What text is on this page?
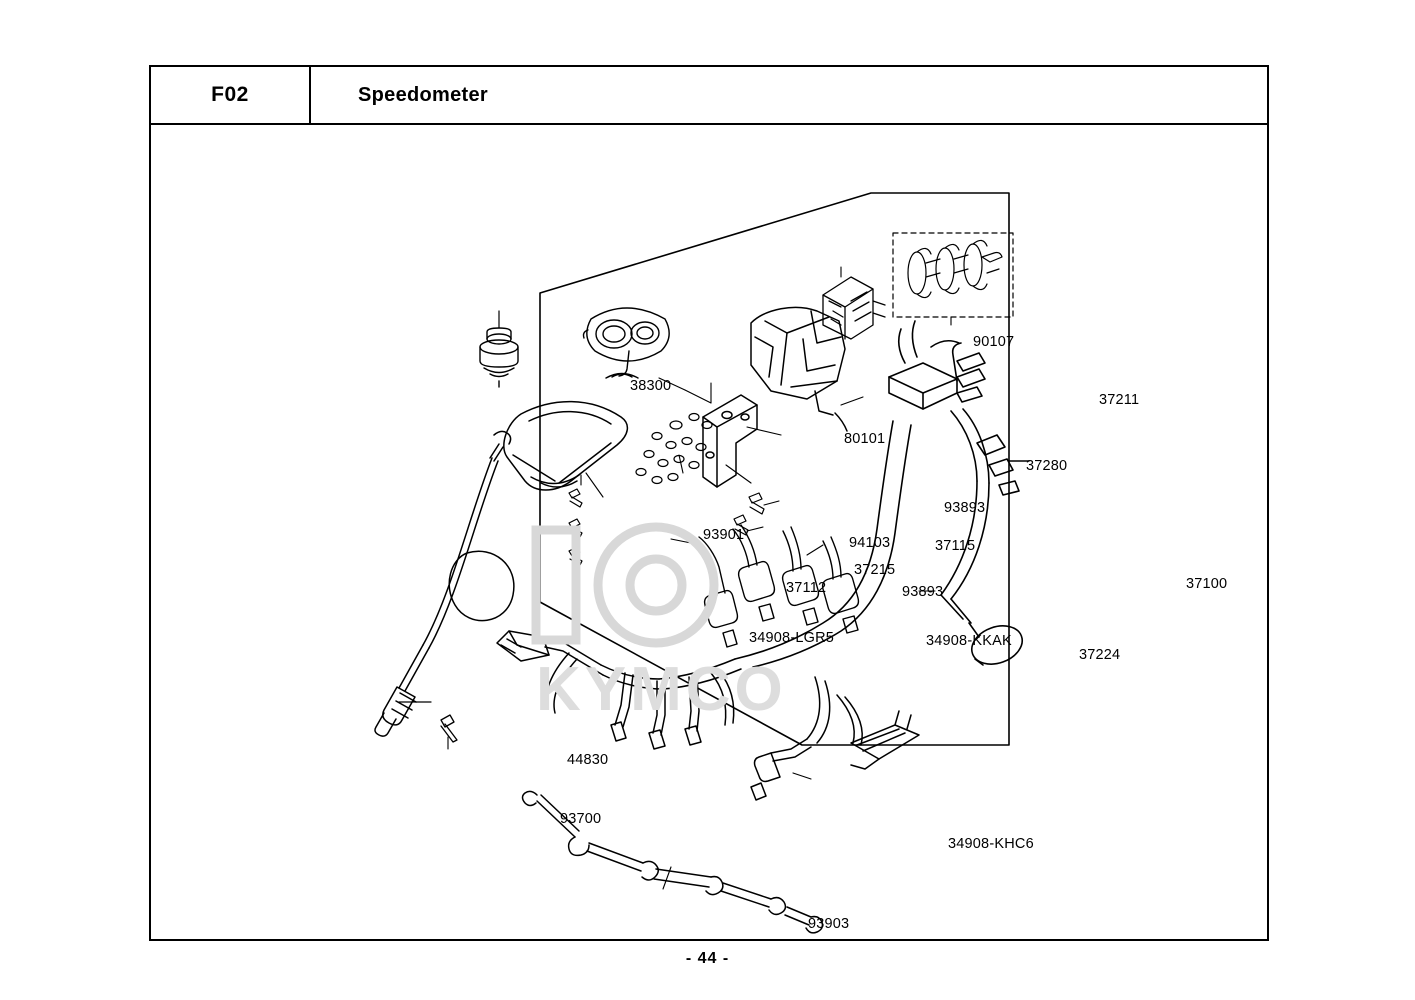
F02	Speedometer
KYMCO
38300
90107
37211
80101
37280
93893
93901	94103	37115
37215
37112	93893	37100
34908-LGR5	34908-KKAK
37224
44830
93700
34908-KHC6
93903
- 44 -
